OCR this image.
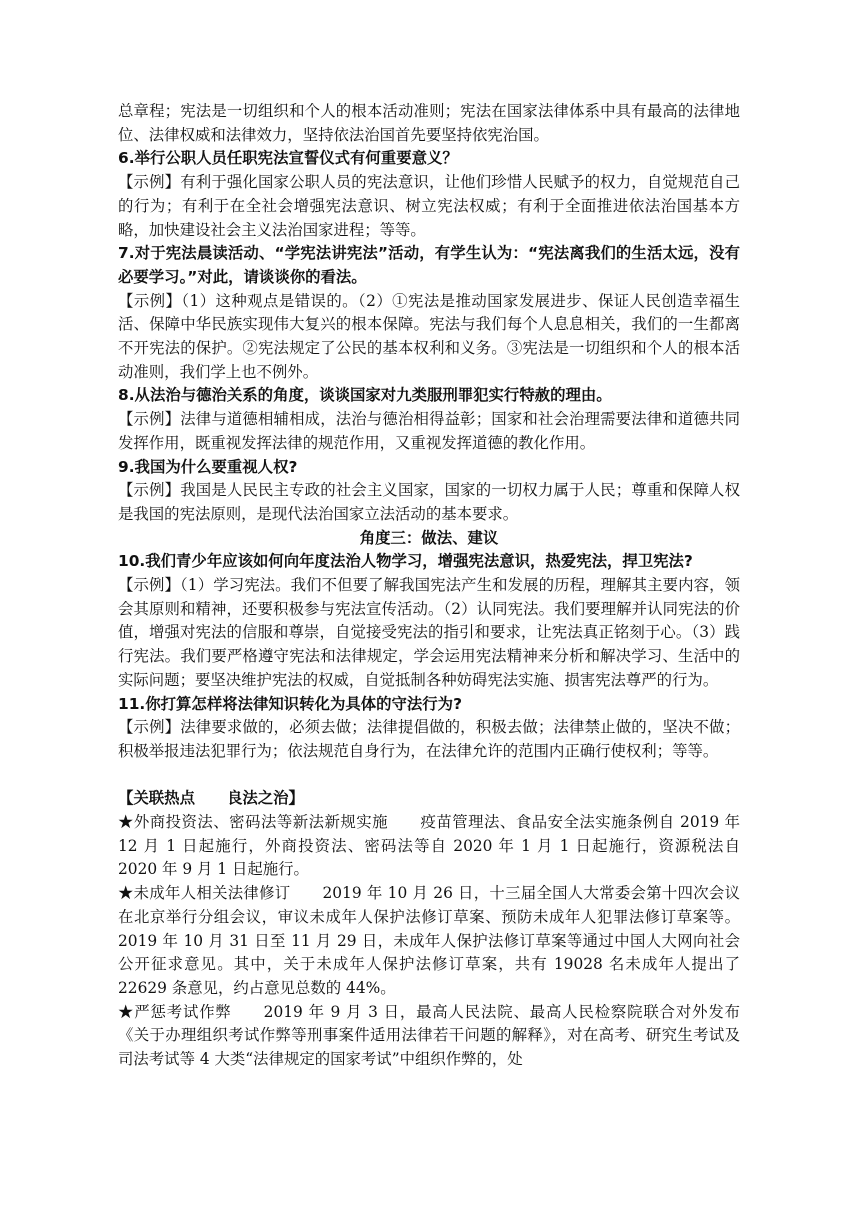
总章程；宪法是一切组织和个人的根本活动准则；宪法在国家法律体系中具有最高的法律地位、法律权威和法律效力，坚持依法治国首先要坚持依宪治国。

6.举行公职人员任职宪法宣誓仪式有何重要意义？

【示例】有利于强化国家公职人员的宪法意识，让他们珍惜人民赋予的权力，自觉规范自己的行为；有利于在全社会增强宪法意识、树立宪法权威；有利于全面推进依法治国基本方略，加快建设社会主义法治国家进程；等等。

7.对于宪法晨读活动、“学宪法讲宪法”活动，有学生认为：“宪法离我们的生活太远，没有必要学习。”对此，请谈谈你的看法。

【示例】（1）这种观点是错误的。（2）①宪法是推动国家发展进步、保证人民创造幸福生活、保障中华民族实现伟大复兴的根本保障。宪法与我们每个人息息相关，我们的一生都离不开宪法的保护。②宪法规定了公民的基本权利和义务。③宪法是一切组织和个人的根本活动准则，我们学上也不例外。

8.从法治与德治关系的角度，谈谈国家对九类服刑罪犯实行特赦的理由。

【示例】法律与道德相辅相成，法治与德治相得益彰；国家和社会治理需要法律和道德共同发挥作用，既重视发挥法律的规范作用，又重视发挥道德的教化作用。

9.我国为什么要重视人权?

【示例】我国是人民民主专政的社会主义国家，国家的一切权力属于人民；尊重和保障人权是我国的宪法原则，是现代法治国家立法活动的基本要求。

角度三：做法、建议

10.我们青少年应该如何向年度法治人物学习，增强宪法意识，热爱宪法，捍卫宪法?

【示例】（1）学习宪法。我们不但要了解我国宪法产生和发展的历程，理解其主要内容，领会其原则和精神，还要积极参与宪法宣传活动。（2）认同宪法。我们要理解并认同宪法的价值，增强对宪法的信服和尊崇，自觉接受宪法的指引和要求，让宪法真正铭刻于心。（3）践行宪法。我们要严格遵守宪法和法律规定，学会运用宪法精神来分析和解决学习、生活中的实际问题；要坚决维护宪法的权威，自觉抵制各种妨碍宪法实施、损害宪法尊严的行为。

11.你打算怎样将法律知识转化为具体的守法行为?

【示例】法律要求做的，必须去做；法律提倡做的，积极去做；法律禁止做的，坚决不做；积极举报违法犯罪行为；依法规范自身行为，在法律允许的范围内正确行使权利；等等。

【关联热点 良法之治】

★外商投资法、密码法等新法新规实施 疫苗管理法、食品安全法实施条例自 2019 年 12 月 1 日起施行，外商投资法、密码法等自 2020 年 1 月 1 日起施行，资源税法自 2020 年 9 月 1 日起施行。

★未成年人相关法律修订 2019 年 10 月 26 日，十三届全国人大常委会第十四次会议在北京举行分组会议，审议未成年人保护法修订草案、预防未成年人犯罪法修订草案等。2019 年 10 月 31 日至 11 月 29 日，未成年人保护法修订草案等通过中国人大网向社会公开征求意见。其中，关于未成年人保护法修订草案，共有 19028 名未成年人提出了 22629 条意见，约占意见总数的 44%。

★严惩考试作弊 2019 年 9 月 3 日，最高人民法院、最高人民检察院联合对外发布《关于办理组织考试作弊等刑事案件适用法律若干问题的解释》，对在高考、研究生考试及司法考试等 4 大类“法律规定的国家考试”中组织作弊的，处
